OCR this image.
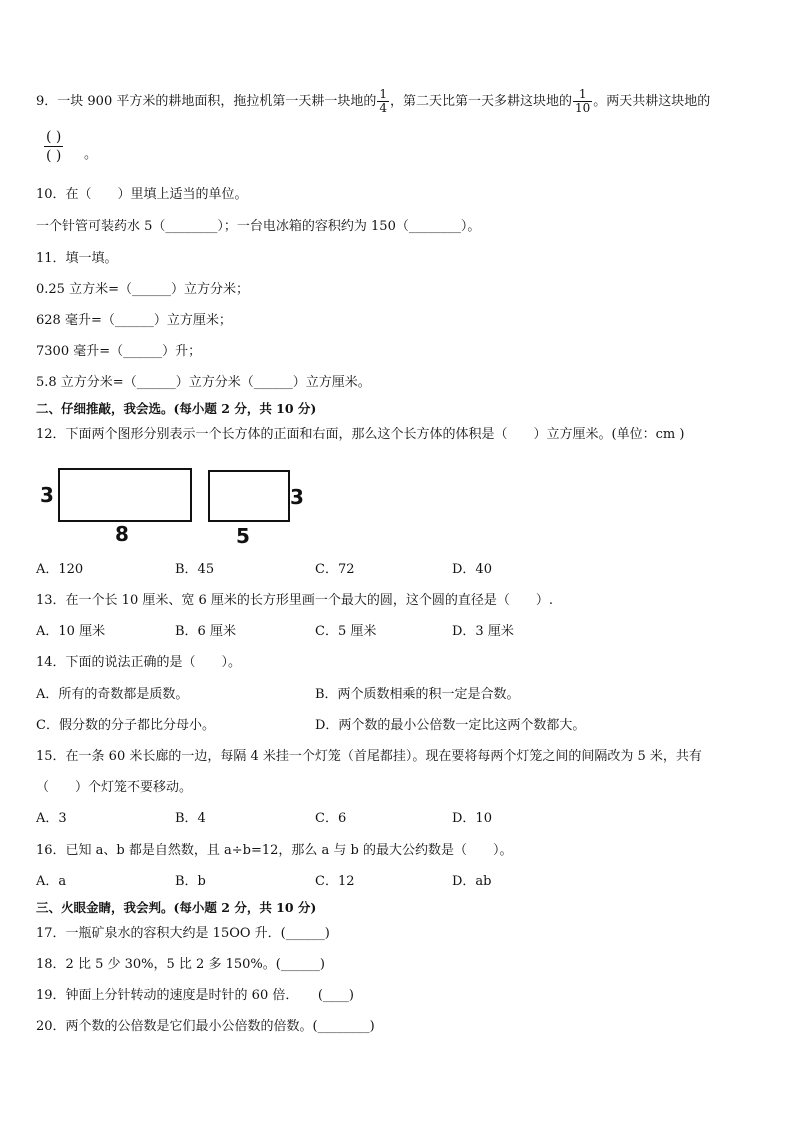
9．一块 900 平方米的耕地面积，拖拉机第一天耕一块地的 $\frac{1}{4}$ ，第二天比第一天多耕这块地的 $\frac{1}{10}$ 。两天共耕这块地的
( )
( ) 。
10．在（　　）里填上适当的单位。
一个针管可装药水 5（________）；一台电冰箱的容积约为 150（________）。
11．填一填。
0.25 立方米=（______）立方分米；
628 毫升=（______）立方厘米；
7300 毫升=（______）升；
5.8 立方分米=（______）立方分米（______）立方厘米。
二、仔细推敲，我会选。(每小题 2 分，共 10 分)
12．下面两个图形分别表示一个长方体的正面和右面，那么这个长方体的体积是（　　）立方厘米。(单位：cm )
3
8
3
5
A．120	B．45	C．72	D．40
13．在一个长 10 厘米、宽 6 厘米的长方形里画一个最大的圆，这个圆的直径是（　　）.
A．10 厘米	B．6 厘米	C．5 厘米	D．3 厘米
14．下面的说法正确的是（　　）。
A．所有的奇数都是质数。	B．两个质数相乘的积一定是合数。
C．假分数的分子都比分母小。	D．两个数的最小公倍数一定比这两个数都大。
15．在一条 60 米长廊的一边，每隔 4 米挂一个灯笼（首尾都挂）。现在要将每两个灯笼之间的间隔改为 5 米，共有
（　　）个灯笼不要移动。
A．3	B．4	C．6	D．10
16．已知 a、b 都是自然数，且 a÷b=12，那么 a 与 b 的最大公约数是（　　）。
A．a	B．b	C．12	D．ab
三、火眼金睛，我会判。(每小题 2 分，共 10 分)
17．一瓶矿泉水的容积大约是 15OO 升．(______)
18．2 比 5 少 30%，5 比 2 多 150%。(______)
19．钟面上分针转动的速度是时针的 60 倍．　　(____)
20．两个数的公倍数是它们最小公倍数的倍数。(________)
